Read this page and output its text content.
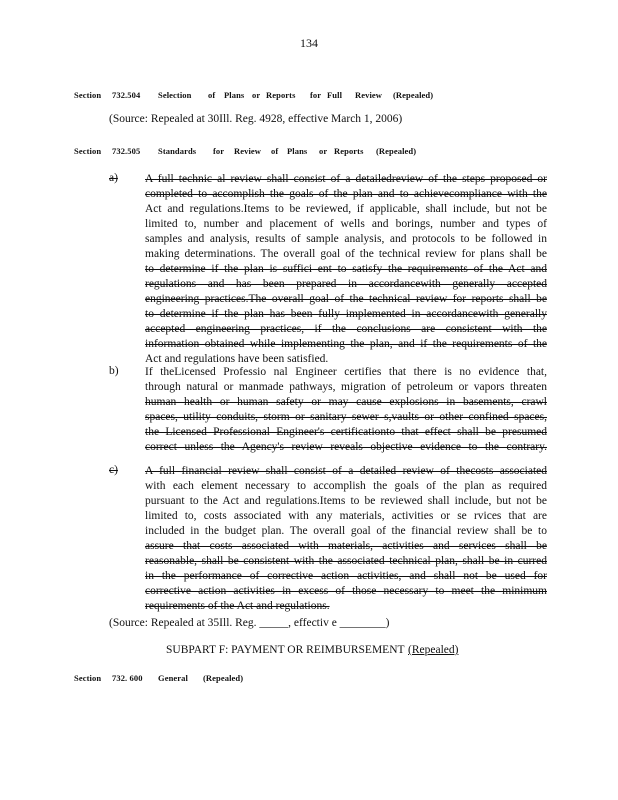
134
Section 732.504 Selection of Plans or Reports for Full Review (Repealed)
(Source: Repealed at 30Ill. Reg. 4928, effective March 1, 2006)
Section 732.505 Standards for Review of Plans or Reports (Repealed)
a) A full technic al review shall consist of a detailedreview of the steps proposed or
completed to accomplish the goals of the plan and to achievecompliance with the
Act and regulations.Items to be reviewed, if applicable, shall include, but not be
limited to, number and placement of wells and borings, number and types of
samples and analysis, results of sample analysis, and protocols to be followed in
making determinations. The overall goal of the technical review for plans shall be
to determine if the plan is suffici ent to satisfy the requirements of the Act and
regulations and has been prepared in accordancewith generally accepted
engineering practices.The overall goal of the technical review for reports shall be
to determine if the plan has been fully implemented in accordancewith generally
accepted engineering practices, if the conclusions are consistent with the
information obtained while implementing the plan, and if the requirements of the
Act and regulations have been satisfied.
b) If theLicensed Professio nal Engineer certifies that there is no evidence that,
through natural or manmade pathways, migration of petroleum or vapors threaten
human health or human safety or may cause explosions in basements, crawl
spaces, utility conduits, storm or sanitary sewer s,vaults or other confined spaces,
the Licensed Professional Engineer's certificationto that effect shall be presumed
correct unless the Agency's review reveals objective evidence to the contrary.
c) A full financial review shall consist of a detailed review of thecosts associated
with each element necessary to accomplish the goals of the plan as required
pursuant to the Act and regulations.Items to be reviewed shall include, but not be
limited to, costs associated with any materials, activities or se rvices that are
included in the budget plan. The overall goal of the financial review shall be to
assure that costs associated with materials, activities and services shall be
reasonable, shall be consistent with the associated technical plan, shall be in curred
in the performance of corrective action activities, and shall not be used for
corrective action activities in excess of those necessary to meet the minimum
requirements of the Act and regulations.
(Source: Repealed at 35Ill. Reg. _____, effectiv e ________)
SUBPART F: PAYMENT OR REIMBURSEMENT (Repealed)
Section 732. 600 General (Repealed)
